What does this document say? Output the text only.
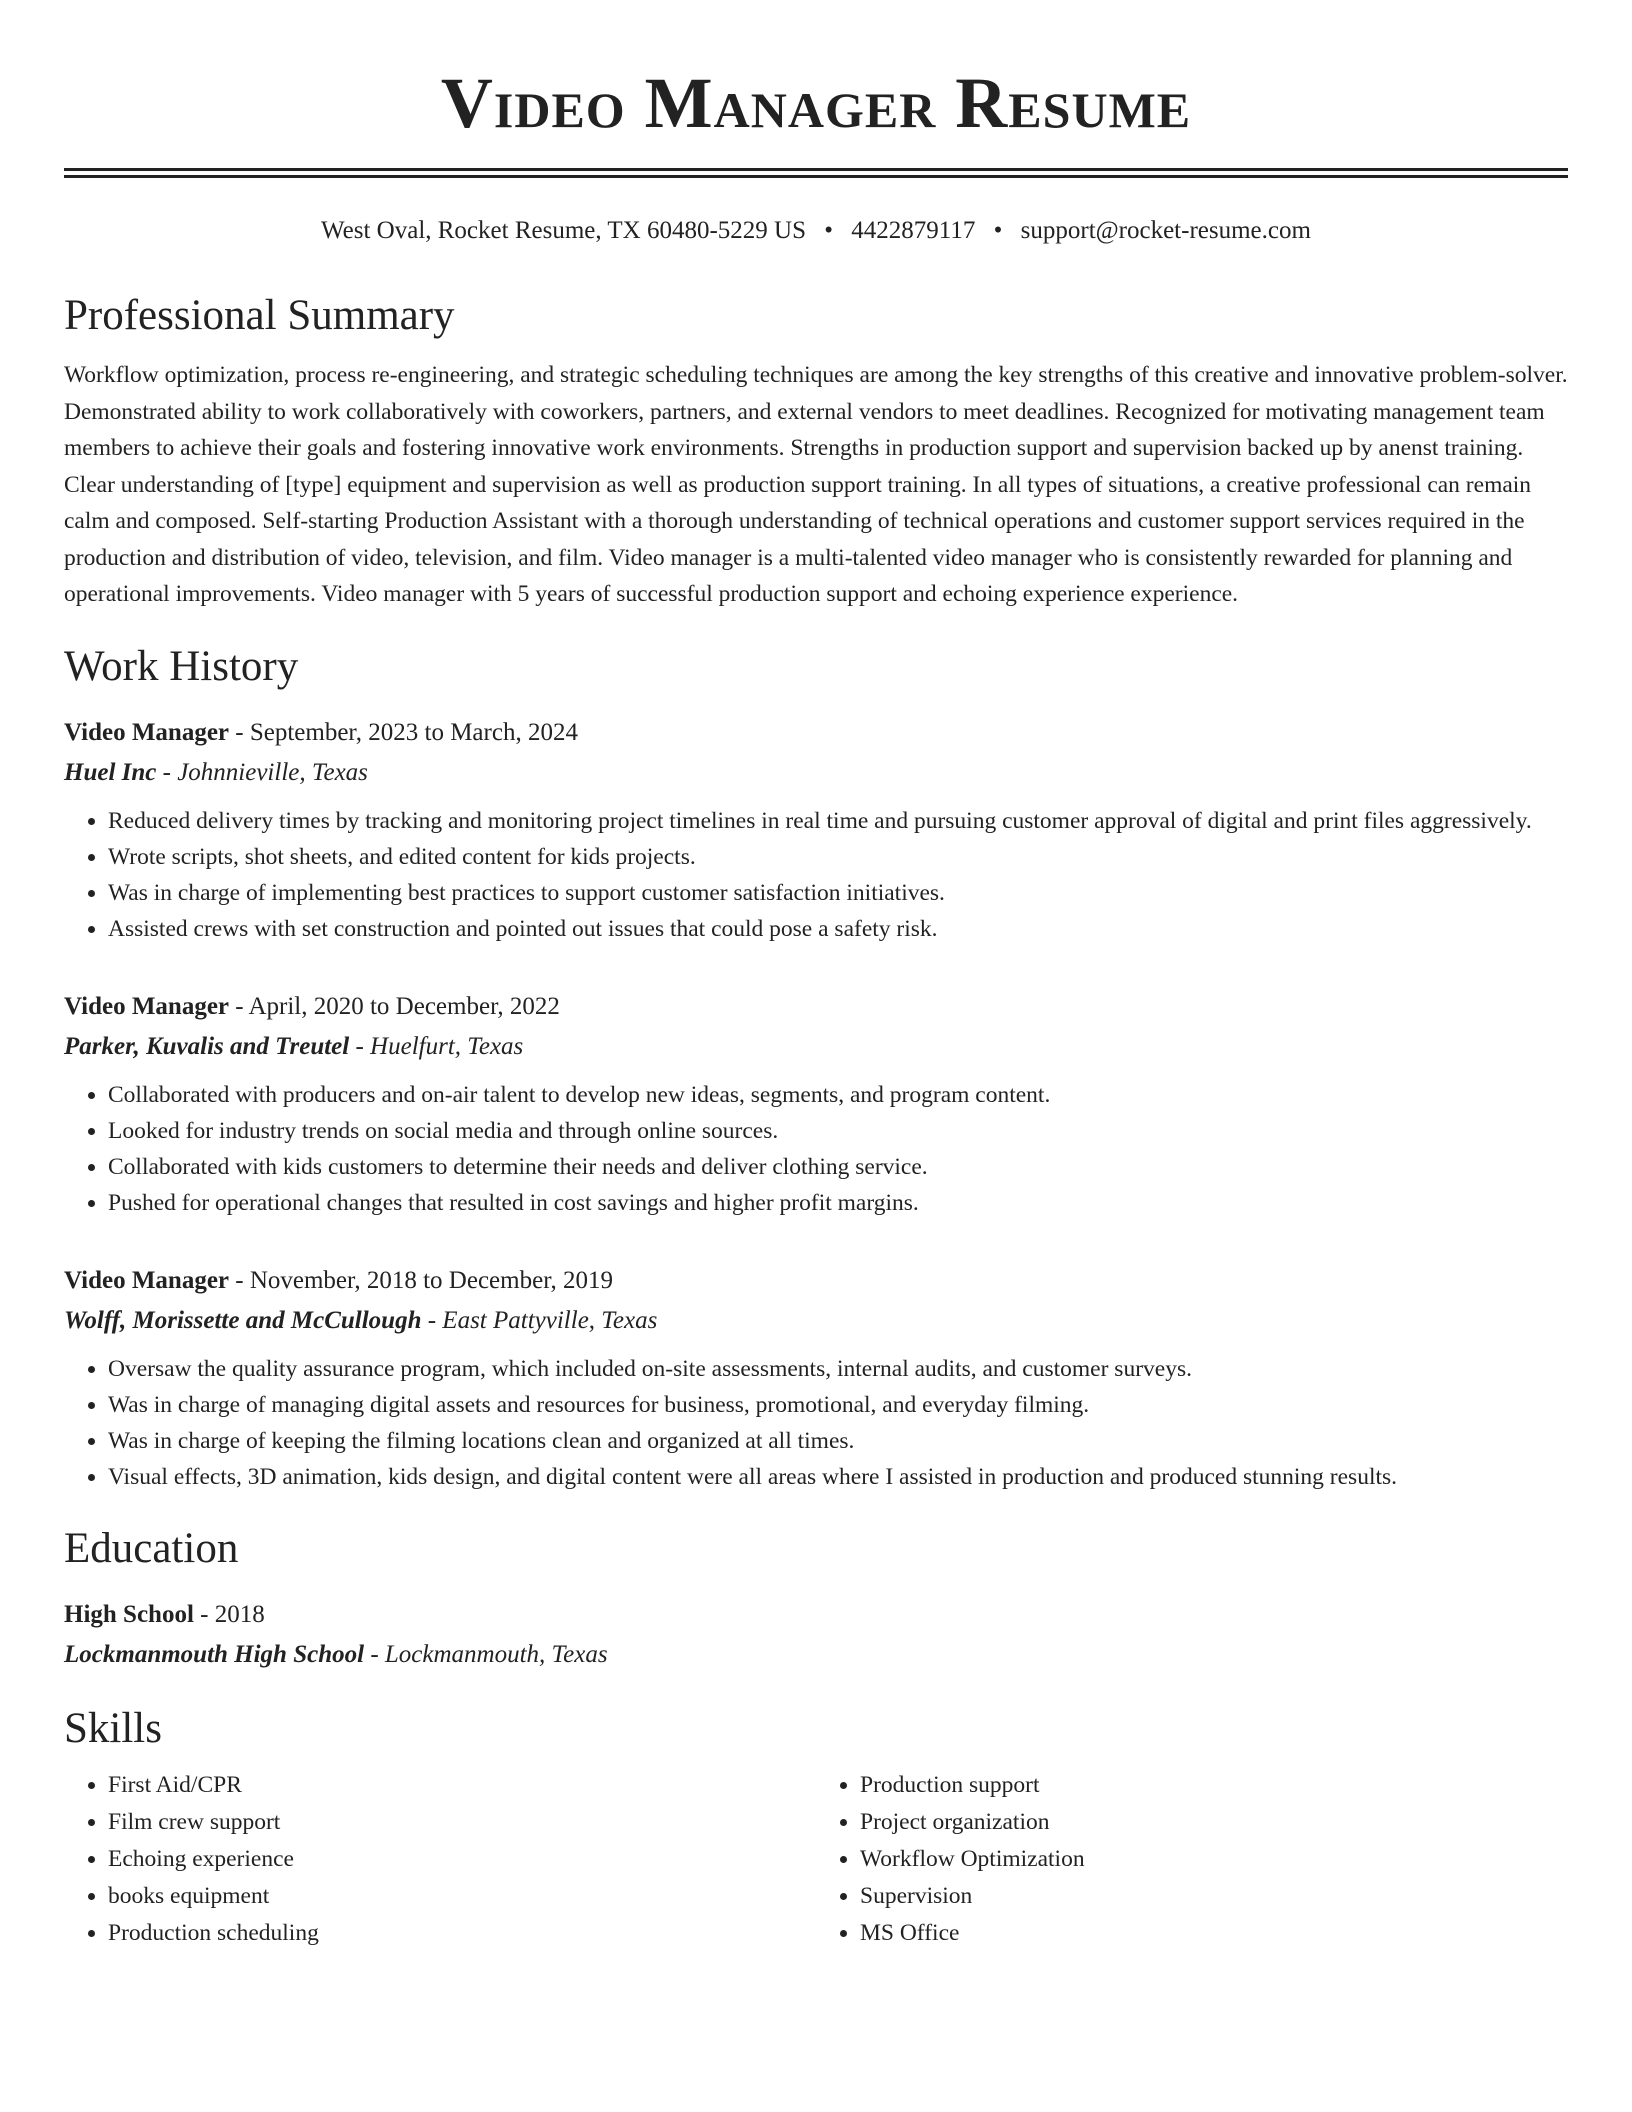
Video Manager Resume
West Oval, Rocket Resume, TX 60480-5229 US • 4422879117 • support@rocket-resume.com
Professional Summary

Workflow optimization, process re-engineering, and strategic scheduling techniques are among the key strengths of this creative and innovative problem-solver. Demonstrated ability to work collaboratively with coworkers, partners, and external vendors to meet deadlines. Recognized for motivating management team members to achieve their goals and fostering innovative work environments. Strengths in production support and supervision backed up by anenst training. Clear understanding of [type] equipment and supervision as well as production support training. In all types of situations, a creative professional can remain calm and composed. Self-starting Production Assistant with a thorough understanding of technical operations and customer support services required in the production and distribution of video, television, and film. Video manager is a multi-talented video manager who is consistently rewarded for planning and operational improvements. Video manager with 5 years of successful production support and echoing experience experience.

Work History
Video Manager - September, 2023 to March, 2024
Huel Inc - Johnnieville, Texas
• Reduced delivery times by tracking and monitoring project timelines in real time and pursuing customer approval of digital and print files aggressively.
• Wrote scripts, shot sheets, and edited content for kids projects.
• Was in charge of implementing best practices to support customer satisfaction initiatives.
• Assisted crews with set construction and pointed out issues that could pose a safety risk.
Video Manager - April, 2020 to December, 2022
Parker, Kuvalis and Treutel - Huelfurt, Texas
• Collaborated with producers and on-air talent to develop new ideas, segments, and program content.
• Looked for industry trends on social media and through online sources.
• Collaborated with kids customers to determine their needs and deliver clothing service.
• Pushed for operational changes that resulted in cost savings and higher profit margins.
Video Manager - November, 2018 to December, 2019
Wolff, Morissette and McCullough - East Pattyville, Texas
• Oversaw the quality assurance program, which included on-site assessments, internal audits, and customer surveys.
• Was in charge of managing digital assets and resources for business, promotional, and everyday filming.
• Was in charge of keeping the filming locations clean and organized at all times.
• Visual effects, 3D animation, kids design, and digital content were all areas where I assisted in production and produced stunning results.
Education
High School - 2018
Lockmanmouth High School - Lockmanmouth, Texas
Skills
• First Aid/CPR
• Film crew support
• Echoing experience
• books equipment
• Production scheduling
• Production support
• Project organization
• Workflow Optimization
• Supervision
• MS Office
